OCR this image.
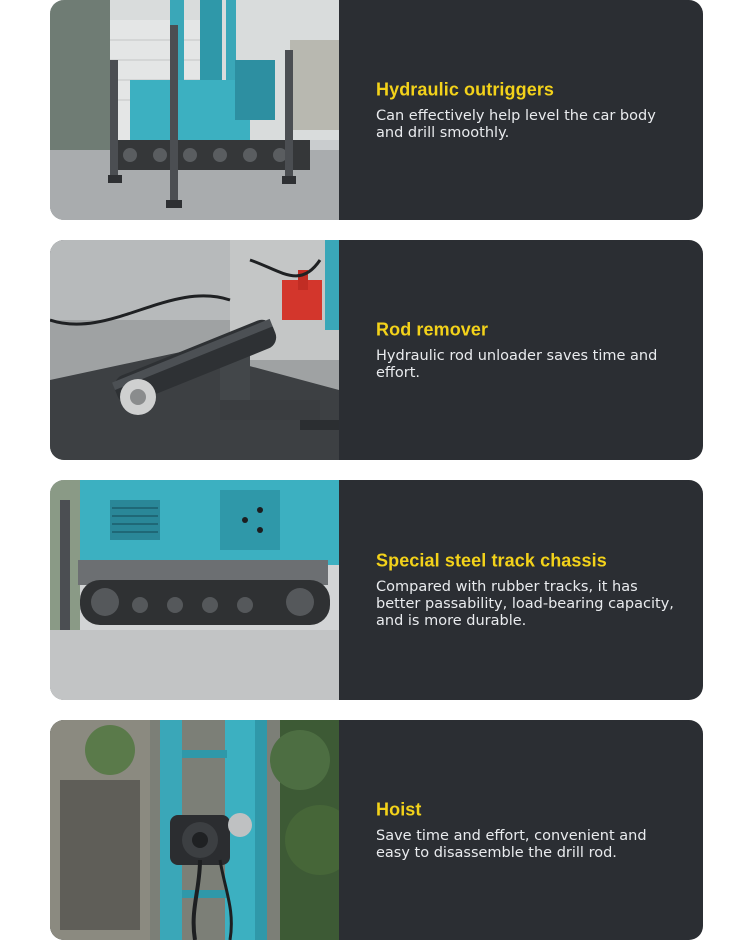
Hydraulic outriggers
Can effectively help level the car body and drill smoothly.
Rod remover
Hydraulic rod unloader saves time and effort.
Special steel track chassis
Compared with rubber tracks, it has better passability, load-bearing capacity, and is more durable.
Hoist
Save time and effort, convenient and easy to disassemble the drill rod.
